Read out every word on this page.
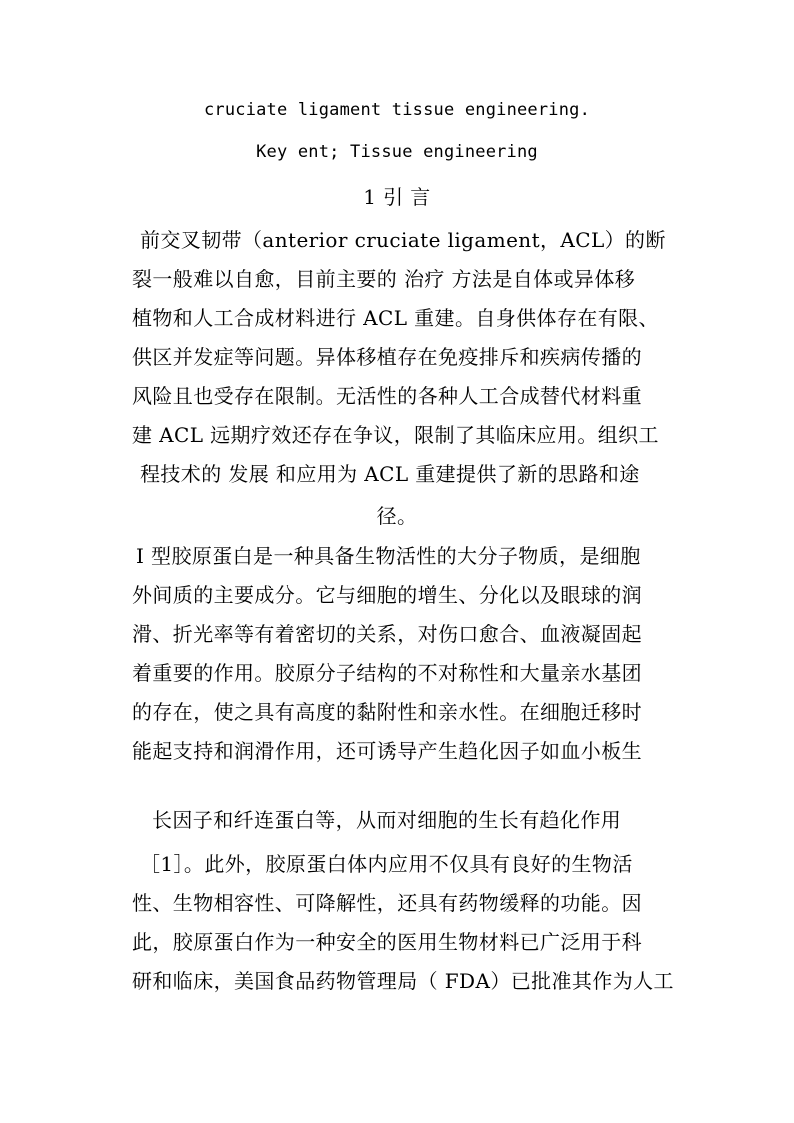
cruciate ligament tissue engineering.
Key ent; Tissue engineering
1 引 言
前交叉韧带（anterior cruciate ligament，ACL）的断
裂一般难以自愈，目前主要的 治疗 方法是自体或异体移
植物和人工合成材料进行 ACL 重建。自身供体存在有限、
供区并发症等问题。异体移植存在免疫排斥和疾病传播的
风险且也受存在限制。无活性的各种人工合成替代材料重
建 ACL 远期疗效还存在争议，限制了其临床应用。组织工
程技术的 发展 和应用为 ACL 重建提供了新的思路和途
径。
I 型胶原蛋白是一种具备生物活性的大分子物质，是细胞
外间质的主要成分。它与细胞的增生、分化以及眼球的润
滑、折光率等有着密切的关系，对伤口愈合、血液凝固起
着重要的作用。胶原分子结构的不对称性和大量亲水基团
的存在，使之具有高度的黏附性和亲水性。在细胞迁移时
能起支持和润滑作用，还可诱导产生趋化因子如血小板生
长因子和纤连蛋白等，从而对细胞的生长有趋化作用
［1］。此外，胶原蛋白体内应用不仅具有良好的生物活
性、生物相容性、可降解性，还具有药物缓释的功能。因
此，胶原蛋白作为一种安全的医用生物材料已广泛用于科
研和临床，美国食品药物管理局（ FDA）已批准其作为人工
